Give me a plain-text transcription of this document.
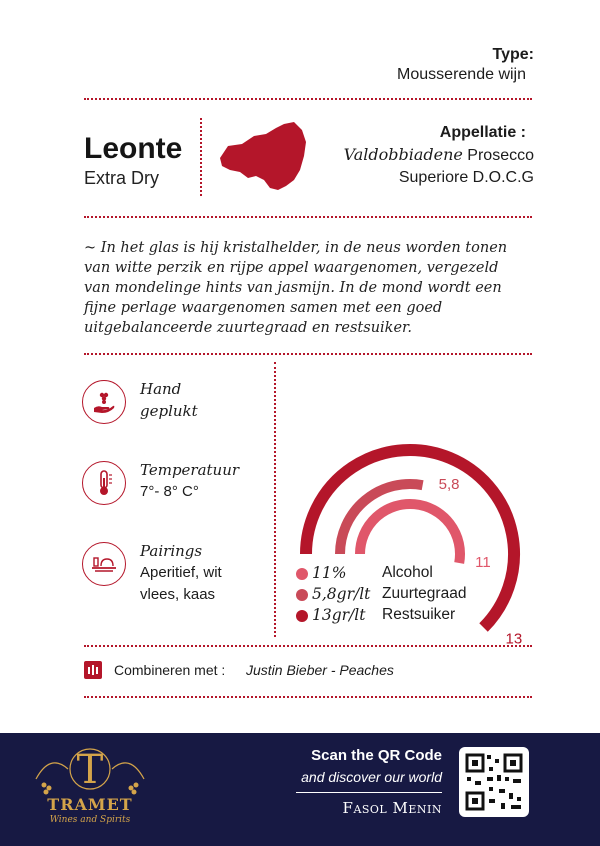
Type:
Mousserende wijn
Leonte
Extra Dry
Appellatie :
Valdobbiadene Prosecco
Superiore D.O.C.G
~ In het glas is hij kristalhelder, in de neus worden tonen van witte perzik en rijpe appel waargenomen, vergezeld van mondelinge hints van jasmijn. In de mond wordt een fijne perlage waargenomen samen met een goed uitgebalanceerde zuurtegraad en restsuiker.
Hand
geplukt
Temperatuur
7°- 8° C°
Pairings
Aperitief, wit
vlees, kaas
5,8
11
13
11% Alcohol
5,8gr/lt Zuurtegraad
13gr/lt Restsuiker
Combineren met : Justin Bieber - Peaches
T
TRAMET
Wines and Spirits
Scan the QR Code
and discover our world
Fasol Menin
